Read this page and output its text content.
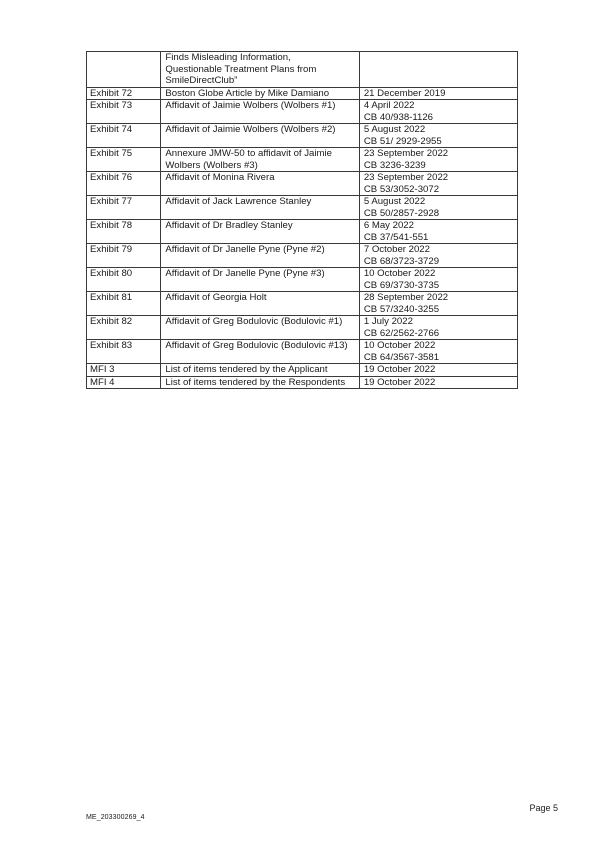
	Finds Misleading Information,
Questionable Treatment Plans from
SmileDirectClub”	

Exhibit 72	Boston Globe Article by Mike Damiano	21 December 2019

Exhibit 73	Affidavit of Jaimie Wolbers (Wolbers #1)	4 April 2022
CB 40/938-1126

Exhibit 74	Affidavit of Jaimie Wolbers (Wolbers #2)	5 August 2022
CB 51/ 2929-2955

Exhibit 75	Annexure JMW-50 to affidavit of Jaimie
Wolbers (Wolbers #3)	23 September 2022
CB 3236-3239

Exhibit 76	Affidavit of Monina Rivera	23 September 2022
CB 53/3052-3072

Exhibit 77	Affidavit of Jack Lawrence Stanley	5 August 2022
CB 50/2857-2928

Exhibit 78	Affidavit of Dr Bradley Stanley	6 May 2022
CB 37/541-551

Exhibit 79	Affidavit of Dr Janelle Pyne (Pyne #2)	7 October 2022
CB 68/3723-3729

Exhibit 80	Affidavit of Dr Janelle Pyne (Pyne #3)	10 October 2022
CB 69/3730-3735

Exhibit 81	Affidavit of Georgia Holt	28 September 2022
CB 57/3240-3255

Exhibit 82	Affidavit of Greg Bodulovic (Bodulovic #1)	1 July 2022
CB 62/2562-2766

Exhibit 83	Affidavit of Greg Bodulovic (Bodulovic #13)	10 October 2022
CB 64/3567-3581

MFI 3	List of items tendered by the Applicant	19 October 2022

MFI 4	List of items tendered by the Respondents	19 October 2022
Page 5
ME_203300269_4
